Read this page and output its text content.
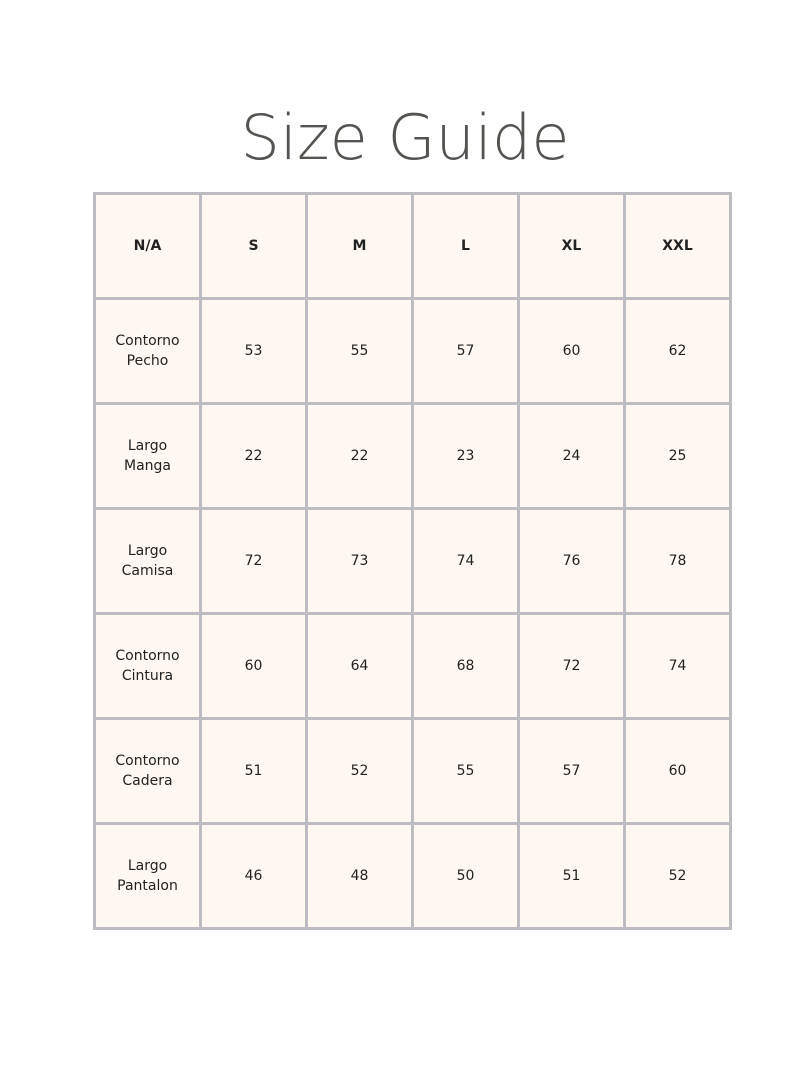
Size Guide
N/A	S	M	L	XL	XXL
Contorno
Pecho	53	55	57	60	62
Largo
Manga	22	22	23	24	25
Largo
Camisa	72	73	74	76	78
Contorno
Cintura	60	64	68	72	74
Contorno
Cadera	51	52	55	57	60
Largo
Pantalon	46	48	50	51	52
